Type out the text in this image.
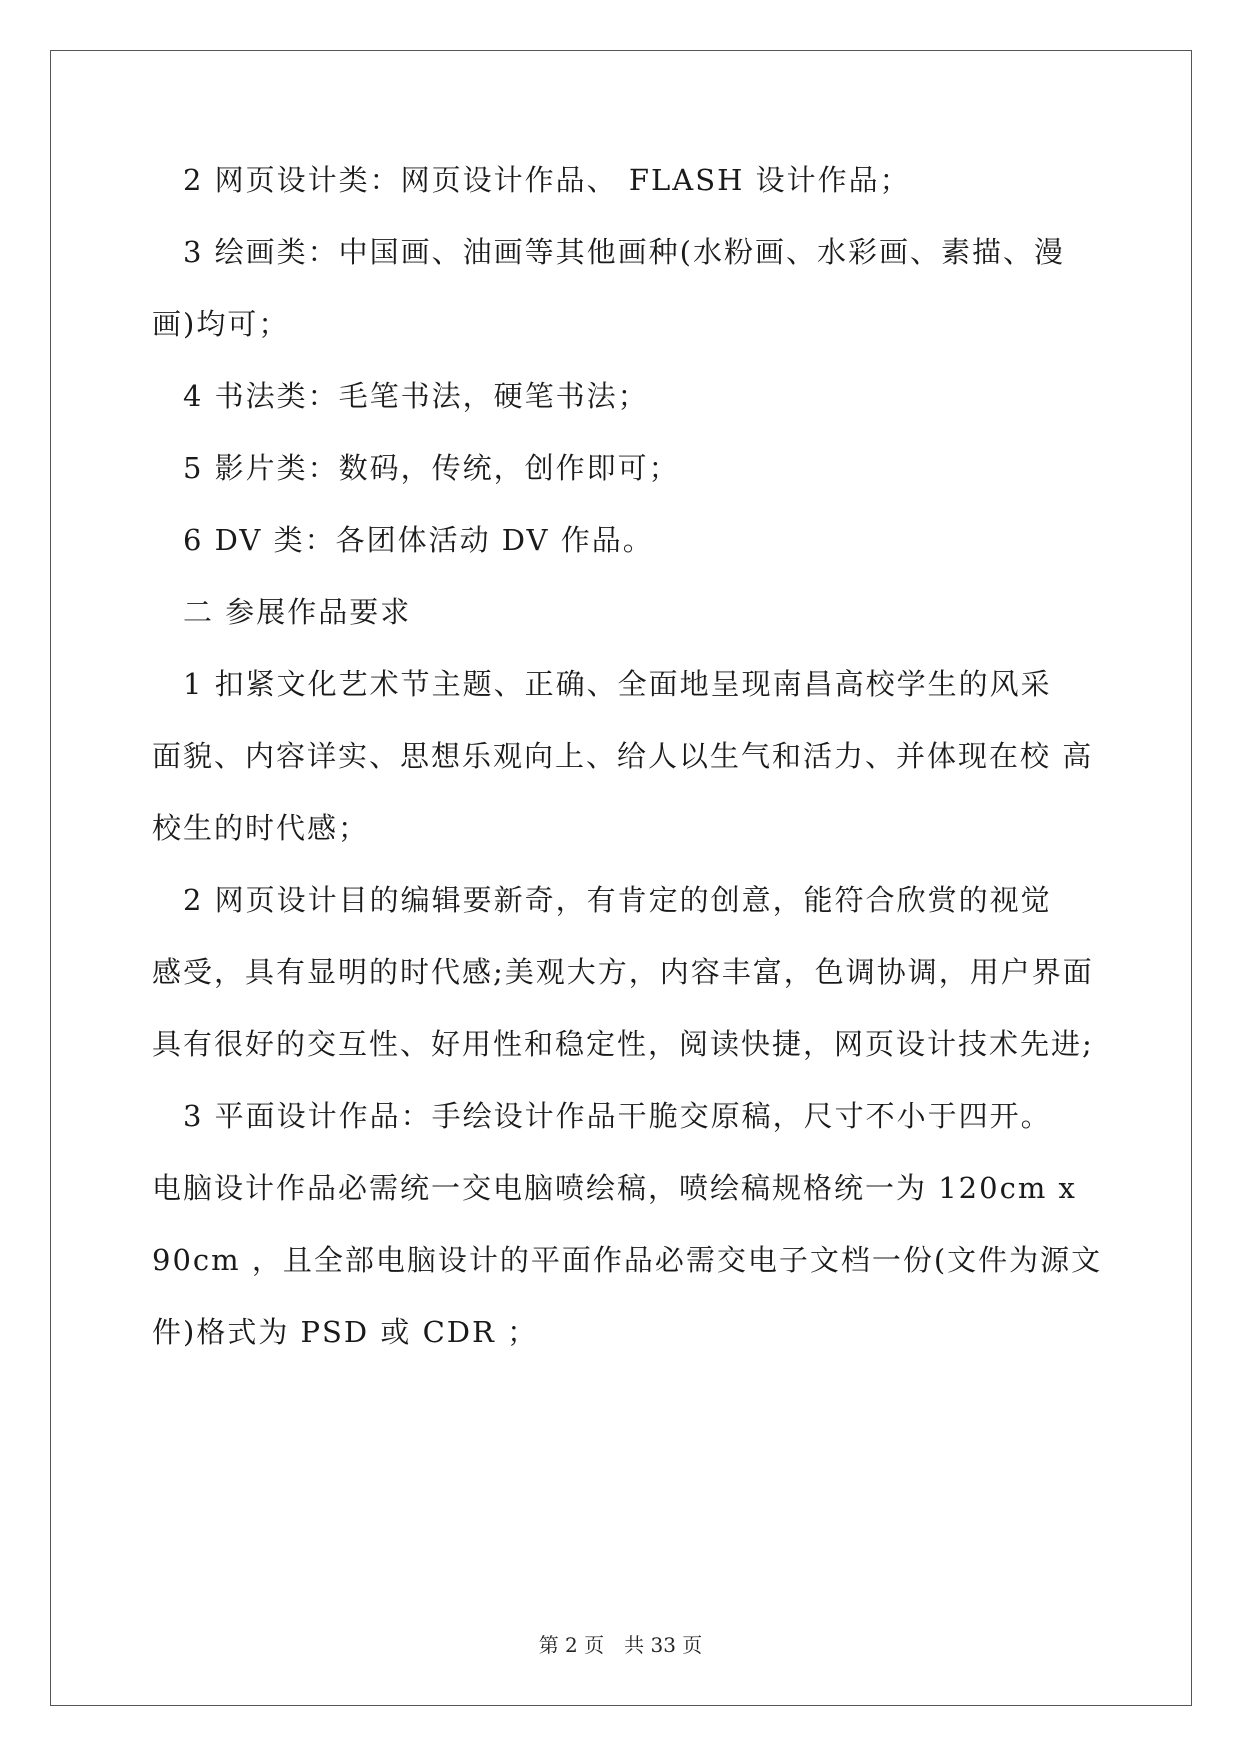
　2 网页设计类：网页设计作品、 FLASH 设计作品；
　3 绘画类：中国画、油画等其他画种(水粉画、水彩画、素描、漫
画)均可；
　4 书法类：毛笔书法，硬笔书法；
　5 影片类：数码，传统，创作即可；
　6 DV 类：各团体活动 DV 作品。
　二 参展作品要求
　1 扣紧文化艺术节主题、正确、全面地呈现南昌高校学生的风采
面貌、内容详实、思想乐观向上、给人以生气和活力、并体现在校 高
校生的时代感；
　2 网页设计目的编辑要新奇，有肯定的创意，能符合欣赏的视觉
感受，具有显明的时代感;美观大方，内容丰富，色调协调，用户界面
具有很好的交互性、好用性和稳定性，阅读快捷，网页设计技术先进;
　3 平面设计作品：手绘设计作品干脆交原稿，尺寸不小于四开。
电脑设计作品必需统一交电脑喷绘稿，喷绘稿规格统一为 120cm x
90cm ，且全部电脑设计的平面作品必需交电子文档一份(文件为源文
件)格式为 PSD 或 CDR ；
第 2 页　共 33 页
